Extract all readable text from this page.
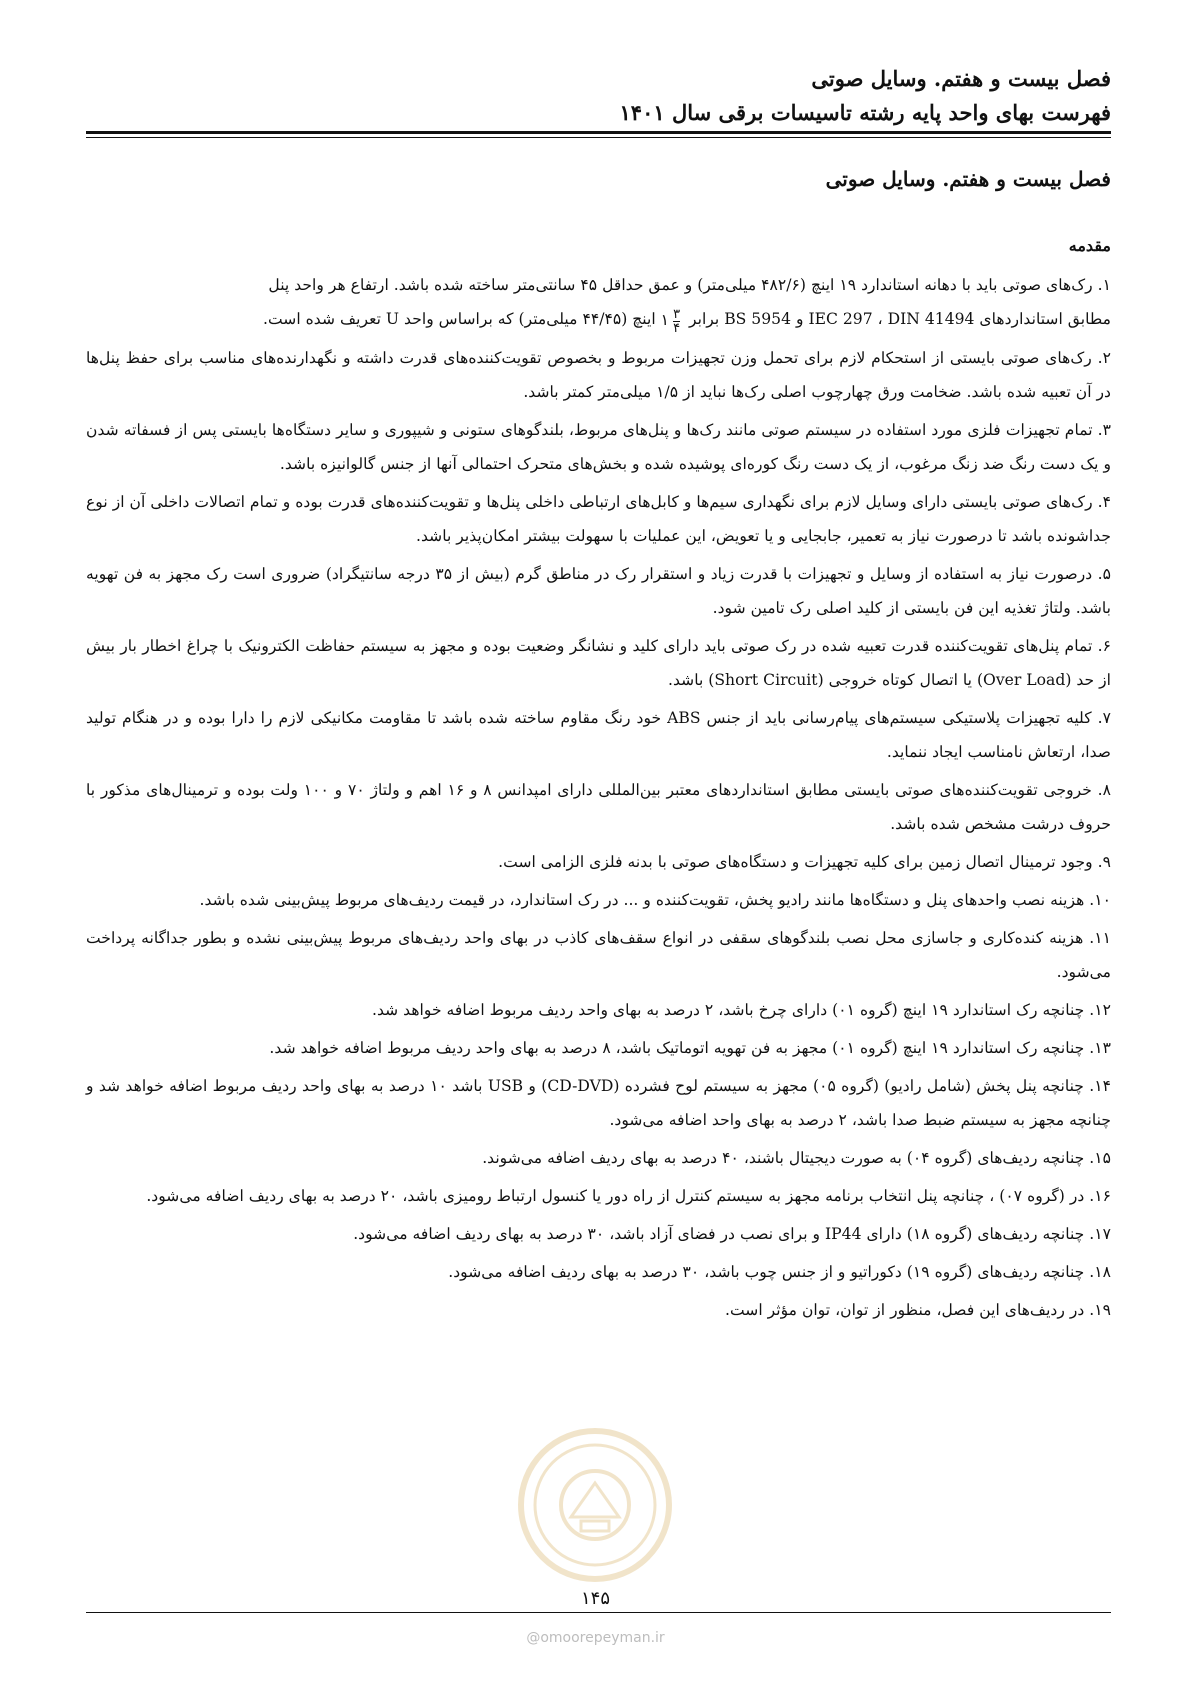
فصل بیست و هفتم. وسایل صوتی
فهرست بهای واحد پایه رشته تاسیسات برقی سال ۱۴۰۱
فصل بیست و هفتم. وسایل صوتی
مقدمه

۱. رک‌های صوتی باید با دهانه استاندارد ۱۹ اینچ (۴۸۲/۶ میلی‌متر) و عمق حداقل ۴۵ سانتی‌متر ساخته شده باشد. ارتفاع هر واحد پنل
مطابق استانداردهای IEC 297 ، DIN 41494 و BS 5954 برابر ۱ $\frac{۳}{۴}$
اینچ (۴۴/۴۵ میلی‌متر) که براساس واحد U تعریف شده است.

۲. رک‌های صوتی بایستی از استحکام لازم برای تحمل وزن تجهیزات مربوط و بخصوص تقویت‌کننده‌های قدرت داشته و نگهدارنده‌های مناسب برای حفظ پنل‌ها در آن تعبیه شده باشد. ضخامت ورق چهارچوب اصلی رک‌ها نباید از ۱/۵ میلی‌متر کمتر باشد.

۳. تمام تجهیزات فلزی مورد استفاده در سیستم صوتی مانند رک‌ها و پنل‌های مربوط، بلندگوهای ستونی و شیپوری و سایر دستگاه‌ها بایستی پس از فسفاته شدن و یک دست رنگ ضد زنگ مرغوب، از یک دست رنگ کوره‌ای پوشیده شده و بخش‌های متحرک احتمالی آنها از جنس گالوانیزه باشد.

۴. رک‌های صوتی بایستی دارای وسایل لازم برای نگهداری سیم‌ها و کابل‌های ارتباطی داخلی پنل‌ها و تقویت‌کننده‌های قدرت بوده و تمام اتصالات داخلی آن از نوع جداشونده باشد تا درصورت نیاز به تعمیر، جابجایی و یا تعویض، این عملیات با سهولت بیشتر امکان‌پذیر باشد.

۵. درصورت نیاز به استفاده از وسایل و تجهیزات با قدرت زیاد و استقرار رک در مناطق گرم (بیش از ۳۵ درجه سانتیگراد) ضروری است رک مجهز به فن تهویه باشد. ولتاژ تغذیه این فن بایستی از کلید اصلی رک تامین شود.

۶. تمام پنل‌های تقویت‌کننده قدرت تعبیه شده در رک صوتی باید دارای کلید و نشانگر وضعیت بوده و مجهز به سیستم حفاظت الکترونیک با چراغ اخطار بار بیش از حد (Over Load) یا اتصال کوتاه خروجی (Short Circuit) باشد.

۷. کلیه تجهیزات پلاستیکی سیستم‌های پیام‌رسانی باید از جنس ABS خود رنگ مقاوم ساخته شده باشد تا مقاومت مکانیکی لازم را دارا بوده و در هنگام تولید صدا، ارتعاش نامناسب ایجاد ننماید.

۸. خروجی تقویت‌کننده‌های صوتی بایستی مطابق استانداردهای معتبر بین‌المللی دارای امپدانس ۸ و ۱۶ اهم و ولتاژ ۷۰ و ۱۰۰ ولت بوده و ترمینال‌های مذکور با حروف درشت مشخص شده باشد.

۹. وجود ترمینال اتصال زمین برای کلیه تجهیزات و دستگاه‌های صوتی با بدنه فلزی الزامی است.

۱۰. هزینه نصب واحدهای پنل و دستگاه‌ها مانند رادیو پخش، تقویت‌کننده و ... در رک استاندارد، در قیمت ردیف‌های مربوط پیش‌بینی شده باشد.

۱۱. هزینه کنده‌کاری و جاسازی محل نصب بلندگوهای سقفی در انواع سقف‌های کاذب در بهای واحد ردیف‌های مربوط پیش‌بینی نشده و بطور جداگانه پرداخت می‌شود.

۱۲. چنانچه رک استاندارد ۱۹ اینچ (گروه ۰۱) دارای چرخ باشد، ۲ درصد به بهای واحد ردیف مربوط اضافه خواهد شد.

۱۳. چنانچه رک استاندارد ۱۹ اینچ (گروه ۰۱) مجهز به فن تهویه اتوماتیک باشد، ۸ درصد به بهای واحد ردیف مربوط اضافه خواهد شد.

۱۴. چنانچه پنل پخش (شامل رادیو) (گروه ۰۵) مجهز به سیستم لوح فشرده (CD-DVD) و USB باشد ۱۰ درصد به بهای واحد ردیف مربوط اضافه خواهد شد و چنانچه مجهز به سیستم ضبط صدا باشد، ۲ درصد به بهای واحد اضافه می‌شود.

۱۵. چنانچه ردیف‌های (گروه ۰۴) به صورت دیجیتال باشند، ۴۰ درصد به بهای ردیف اضافه می‌شوند.

۱۶. در (گروه ۰۷) ، چنانچه پنل انتخاب برنامه مجهز به سیستم کنترل از راه دور یا کنسول ارتباط رومیزی باشد، ۲۰ درصد به بهای ردیف اضافه می‌شود.

۱۷. چنانچه ردیف‌های (گروه ۱۸) دارای IP44 و برای نصب در فضای آزاد باشد، ۳۰ درصد به بهای ردیف اضافه می‌شود.

۱۸. چنانچه ردیف‌های (گروه ۱۹) دکوراتیو و از جنس چوب باشد، ۳۰ درصد به بهای ردیف اضافه می‌شود.

۱۹. در ردیف‌های این فصل، منظور از توان، توان مؤثر است.

۱۴۵
@omoorepeyman.ir
